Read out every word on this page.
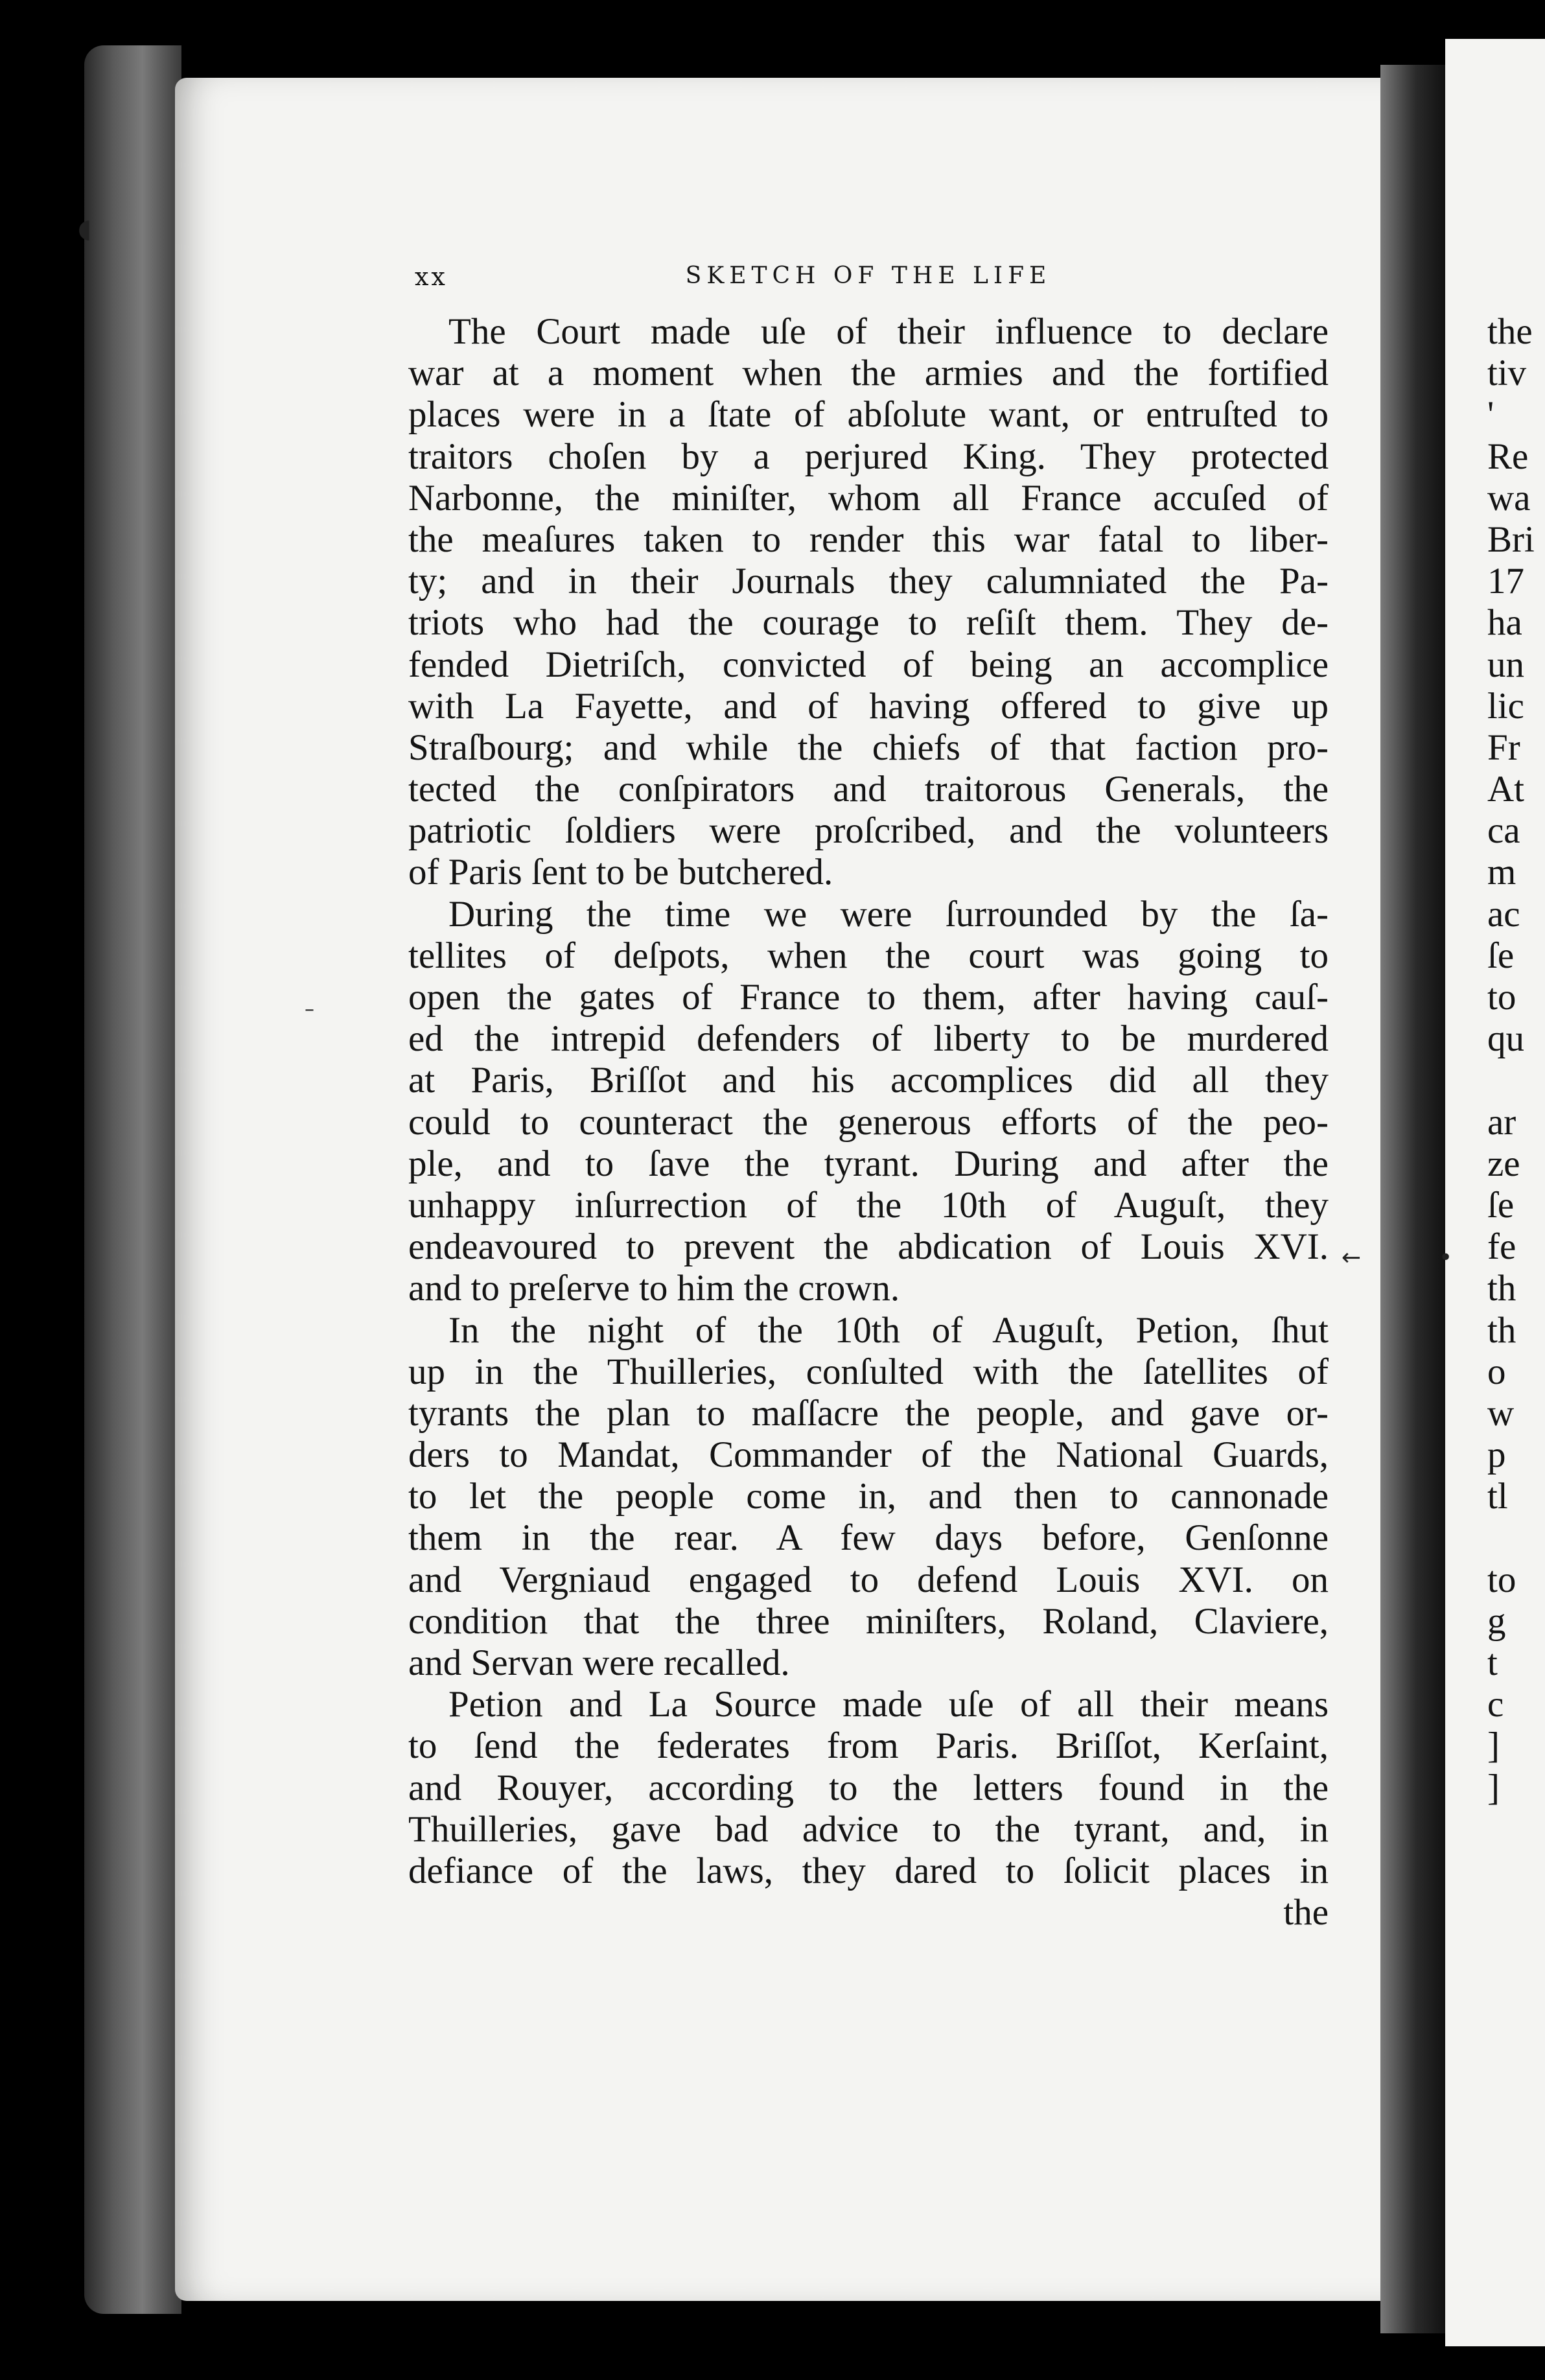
xx	SKETCH OF THE LIFE
The Court made uſe of their influence to declare
war at a moment when the armies and the fortified
places were in a ſtate of abſolute want, or entruſted to
traitors choſen by a perjured King. They protected
Narbonne, the miniſter, whom all France accuſed of
the meaſures taken to render this war fatal to liber-
ty; and in their Journals they calumniated the Pa-
triots who had the courage to reſiſt them. They de-
fended Dietriſch, convicted of being an accomplice
with La Fayette, and of having offered to give up
Straſbourg; and while the chiefs of that faction pro-
tected the conſpirators and traitorous Generals, the
patriotic ſoldiers were proſcribed, and the volunteers
of Paris ſent to be butchered.
During the time we were ſurrounded by the ſa-
tellites of deſpots, when the court was going to
open the gates of France to them, after having cauſ-
ed the intrepid defenders of liberty to be murdered
at Paris, Briſſot and his accomplices did all they
could to counteract the generous efforts of the peo-
ple, and to ſave the tyrant. During and after the
unhappy inſurrection of the 10th of Auguſt, they
endeavoured to prevent the abdication of Louis XVI.
and to preſerve to him the crown.
In the night of the 10th of Auguſt, Petion, ſhut
up in the Thuilleries, conſulted with the ſatellites of
tyrants the plan to maſſacre the people, and gave or-
ders to Mandat, Commander of the National Guards,
to let the people come in, and then to cannonade
them in the rear. A few days before, Genſonne
and Vergniaud engaged to defend Louis XVI. on
condition that the three miniſters, Roland, Claviere,
and Servan were recalled.
Petion and La Source made uſe of all their means
to ſend the federates from Paris. Briſſot, Kerſaint,
and Rouyer, according to the letters found in the
Thuilleries, gave bad advice to the tyrant, and, in
defiance of the laws, they dared to ſolicit places in
the
the
tiv
'
Re
wa
Bri
17
ha
un
lic
Fr
At
ca
m
ac
ſe
to
qu
ar
ze
ſe
fe
th
th
o
w
p
tl
to
g
t
c
]
]
◖
–
←	•
